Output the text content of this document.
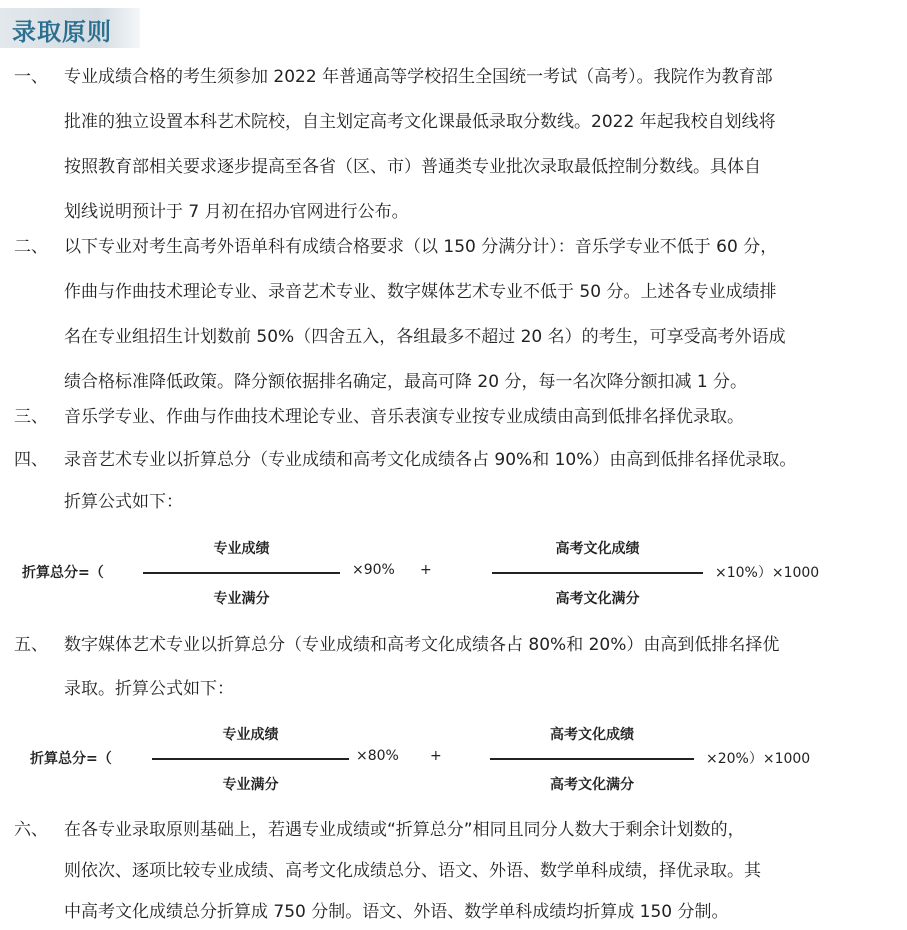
录取原则
一、 专业成绩合格的考生须参加 2022 年普通高等学校招生全国统一考试（高考）。我院作为教育部
批准的独立设置本科艺术院校，自主划定高考文化课最低录取分数线。2022 年起我校自划线将
按照教育部相关要求逐步提高至各省（区、市）普通类专业批次录取最低控制分数线。具体自
划线说明预计于 7 月初在招办官网进行公布。
二、 以下专业对考生高考外语单科有成绩合格要求（以 150 分满分计）：音乐学专业不低于 60 分，
作曲与作曲技术理论专业、录音艺术专业、数字媒体艺术专业不低于 50 分。上述各专业成绩排
名在专业组招生计划数前 50%（四舍五入，各组最多不超过 20 名）的考生，可享受高考外语成
绩合格标准降低政策。降分额依据排名确定，最高可降 20 分，每一名次降分额扣减 1 分。
三、 音乐学专业、作曲与作曲技术理论专业、音乐表演专业按专业成绩由高到低排名择优录取。
四、 录音艺术专业以折算总分（专业成绩和高考文化成绩各占 90%和 10%）由高到低排名择优录取。
折算公式如下：
折算总分=（
专业成绩
专业满分
×90% +
高考文化成绩
高考文化满分
×10%）×1000
五、 数字媒体艺术专业以折算总分（专业成绩和高考文化成绩各占 80%和 20%）由高到低排名择优
录取。折算公式如下：
折算总分=（
专业成绩
专业满分
×80% +
高考文化成绩
高考文化满分
×20%）×1000
六、 在各专业录取原则基础上，若遇专业成绩或“折算总分”相同且同分人数大于剩余计划数的，
则依次、逐项比较专业成绩、高考文化成绩总分、语文、外语、数学单科成绩，择优录取。其
中高考文化成绩总分折算成 750 分制。语文、外语、数学单科成绩均折算成 150 分制。
